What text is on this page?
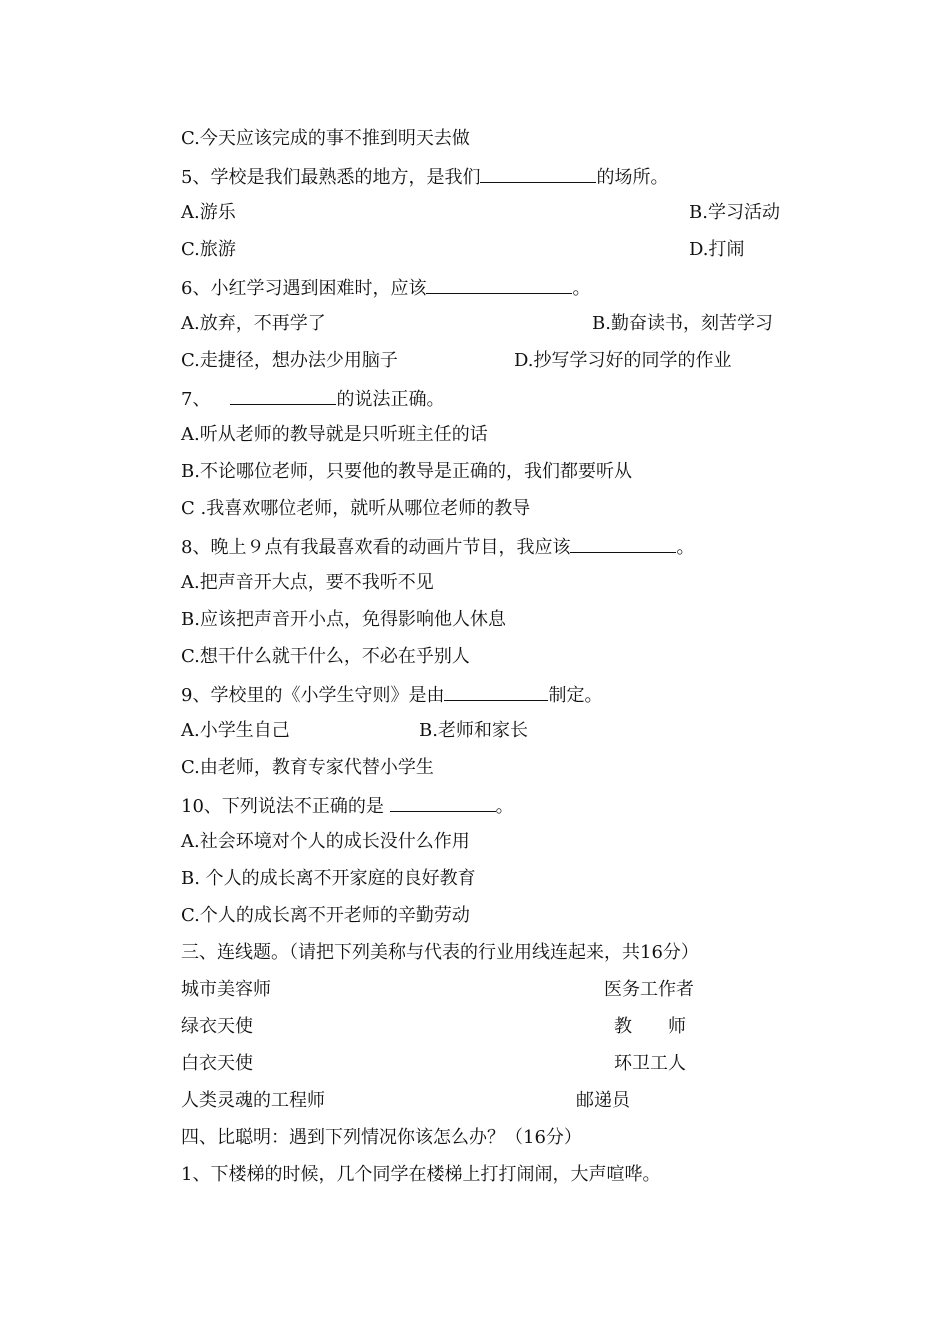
C.今天应该完成的事不推到明天去做
5、学校是我们最熟悉的地方，是我们	的场所。
A.游乐	B.学习活动
C.旅游	D.打闹
6、小红学习遇到困难时，应该	。
A.放弃，不再学了	B.勤奋读书，刻苦学习
C.走捷径，想办法少用脑子	D.抄写学习好的同学的作业
7、	的说法正确。
A.听从老师的教导就是只听班主任的话
B.不论哪位老师，只要他的教导是正确的，我们都要听从
C .我喜欢哪位老师，就听从哪位老师的教导
8、晚上９点有我最喜欢看的动画片节目，我应该	。
A.把声音开大点，要不我听不见
B.应该把声音开小点，免得影响他人休息
C.想干什么就干什么，不必在乎别人
9、学校里的《小学生守则》是由	制定。
A.小学生自己	B.老师和家长
C.由老师，教育专家代替小学生
10、下列说法不正确的是	。
A.社会环境对个人的成长没什么作用
B. 个人的成长离不开家庭的良好教育
C.个人的成长离不开老师的辛勤劳动
三、连线题。（请把下列美称与代表的行业用线连起来，共16分）
城市美容师	医务工作者
绿衣天使	教　　师
白衣天使	环卫工人
人类灵魂的工程师	邮递员
四、比聪明：遇到下列情况你该怎么办？（16分）
1、下楼梯的时候，几个同学在楼梯上打打闹闹，大声喧哗。
